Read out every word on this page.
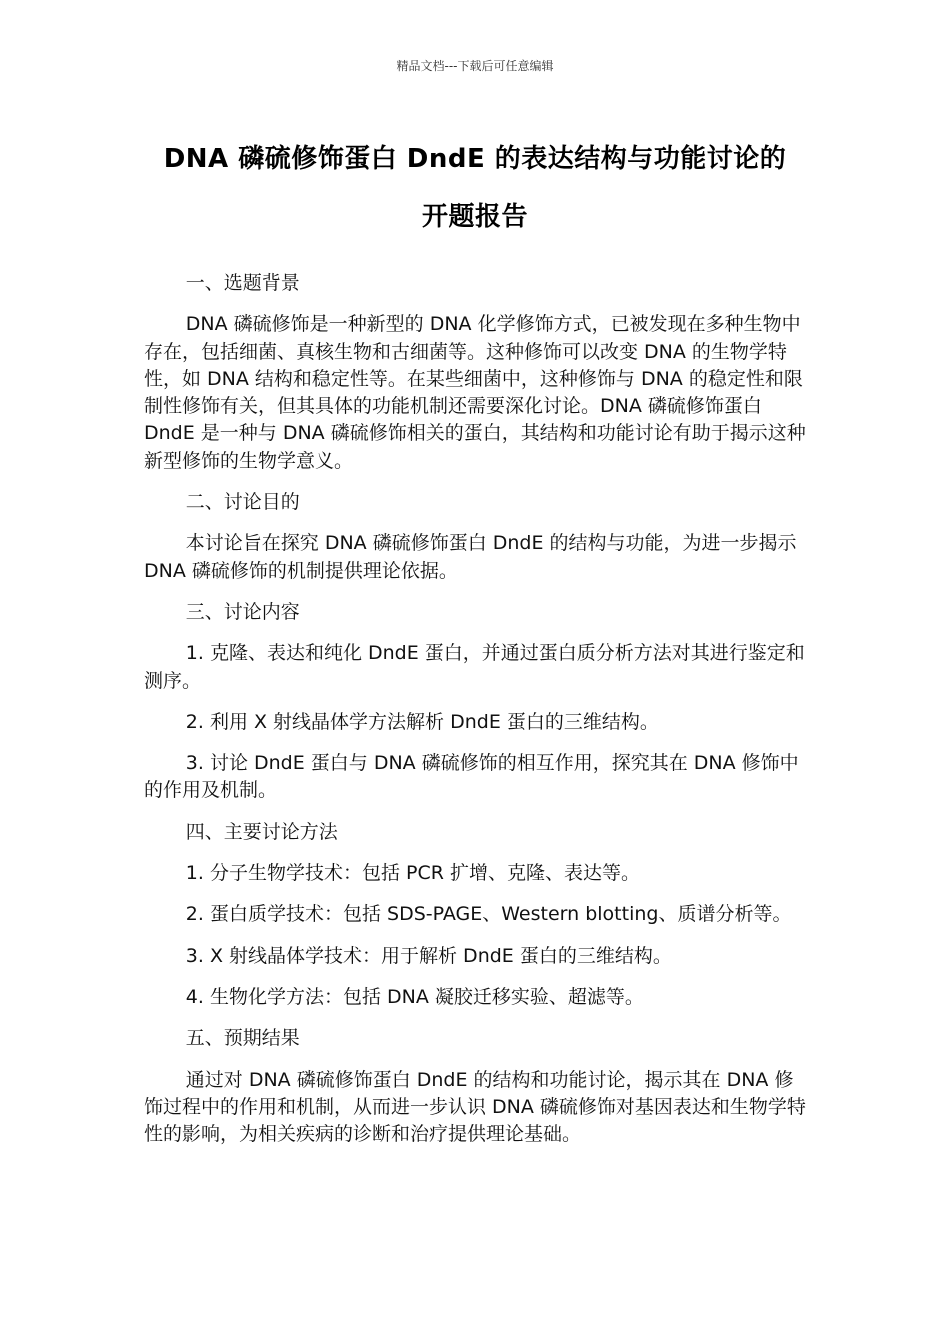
精品文档---下载后可任意编辑
DNA 磷硫修饰蛋白 DndE 的表达结构与功能讨论的
开题报告

一、选题背景

DNA 磷硫修饰是一种新型的 DNA 化学修饰方式，已被发现在多种生物中存在，包括细菌、真核生物和古细菌等。这种修饰可以改变 DNA 的生物学特性，如 DNA 结构和稳定性等。在某些细菌中，这种修饰与 DNA 的稳定性和限制性修饰有关，但其具体的功能机制还需要深化讨论。DNA 磷硫修饰蛋白 DndE 是一种与 DNA 磷硫修饰相关的蛋白，其结构和功能讨论有助于揭示这种新型修饰的生物学意义。

二、讨论目的

本讨论旨在探究 DNA 磷硫修饰蛋白 DndE 的结构与功能，为进一步揭示 DNA 磷硫修饰的机制提供理论依据。

三、讨论内容

1. 克隆、表达和纯化 DndE 蛋白，并通过蛋白质分析方法对其进行鉴定和测序。

2. 利用 X 射线晶体学方法解析 DndE 蛋白的三维结构。

3. 讨论 DndE 蛋白与 DNA 磷硫修饰的相互作用，探究其在 DNA 修饰中的作用及机制。

四、主要讨论方法

1. 分子生物学技术：包括 PCR 扩增、克隆、表达等。

2. 蛋白质学技术：包括 SDS-PAGE、Western blotting、质谱分析等。

3. X 射线晶体学技术：用于解析 DndE 蛋白的三维结构。

4. 生物化学方法：包括 DNA 凝胶迁移实验、超滤等。

五、预期结果

通过对 DNA 磷硫修饰蛋白 DndE 的结构和功能讨论，揭示其在 DNA 修饰过程中的作用和机制，从而进一步认识 DNA 磷硫修饰对基因表达和生物学特性的影响，为相关疾病的诊断和治疗提供理论基础。
